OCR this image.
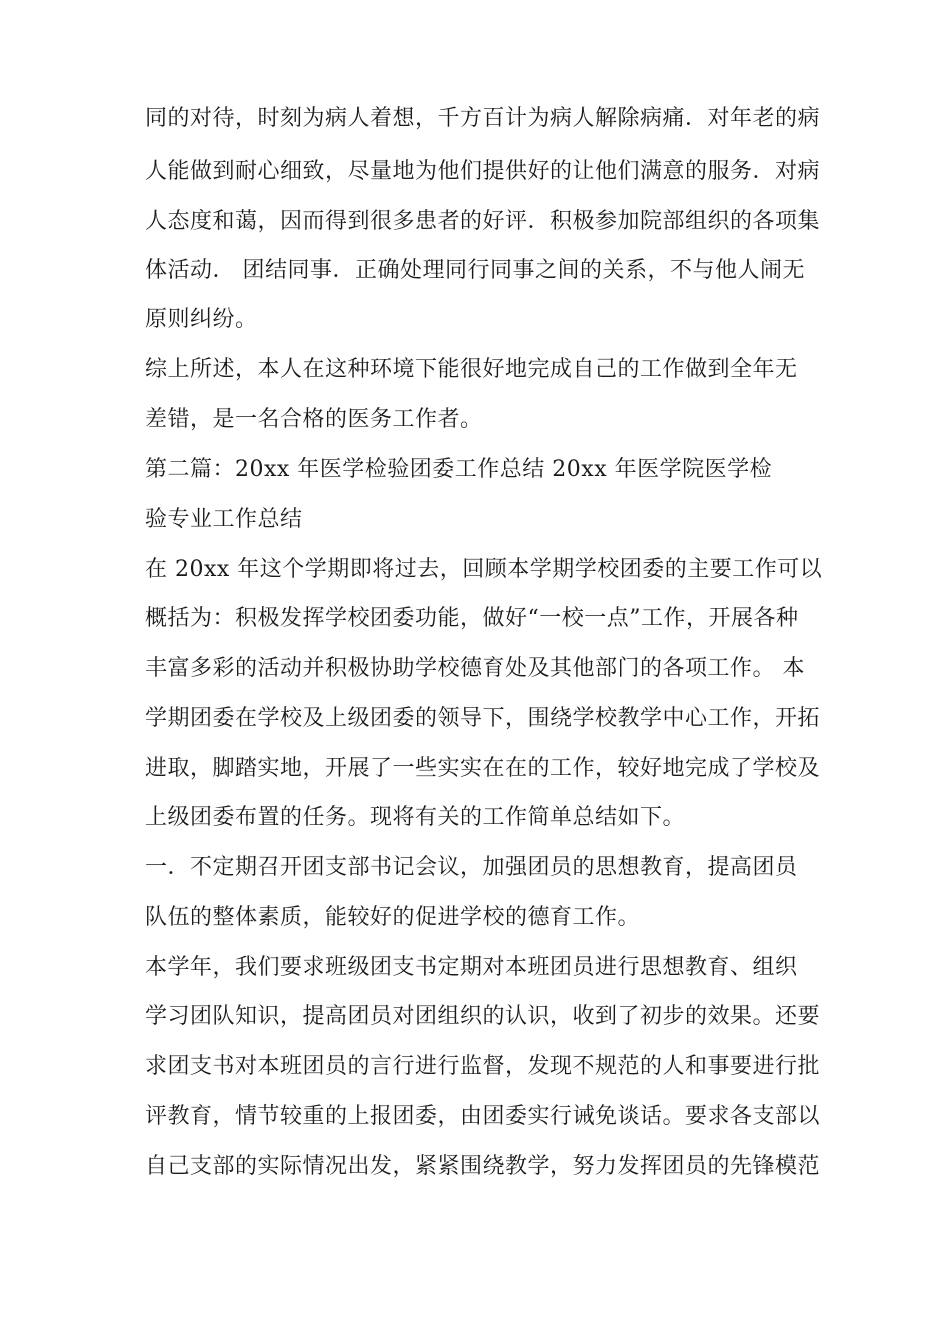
同的对待，时刻为病人着想，千方百计为病人解除病痛．对年老的病
人能做到耐心细致，尽量地为他们提供好的让他们满意的服务．对病
人态度和蔼，因而得到很多患者的好评．积极参加院部组织的各项集
体活动． 团结同事．正确处理同行同事之间的关系，不与他人闹无
原则纠纷。
综上所述，本人在这种环境下能很好地完成自己的工作做到全年无
差错，是一名合格的医务工作者。
第二篇：20xx 年医学检验团委工作总结 20xx 年医学院医学检
验专业工作总结
在 20xx 年这个学期即将过去，回顾本学期学校团委的主要工作可以
概括为：积极发挥学校团委功能，做好“一校一点”工作，开展各种
丰富多彩的活动并积极协助学校德育处及其他部门的各项工作。 本
学期团委在学校及上级团委的领导下，围绕学校教学中心工作，开拓
进取，脚踏实地，开展了一些实实在在的工作，较好地完成了学校及
上级团委布置的任务。现将有关的工作简单总结如下。
一．不定期召开团支部书记会议，加强团员的思想教育，提高团员
队伍的整体素质，能较好的促进学校的德育工作。
本学年，我们要求班级团支书定期对本班团员进行思想教育、组织
学习团队知识，提高团员对团组织的认识，收到了初步的效果。还要
求团支书对本班团员的言行进行监督，发现不规范的人和事要进行批
评教育，情节较重的上报团委，由团委实行诫免谈话。要求各支部以
自己支部的实际情况出发，紧紧围绕教学，努力发挥团员的先锋模范
